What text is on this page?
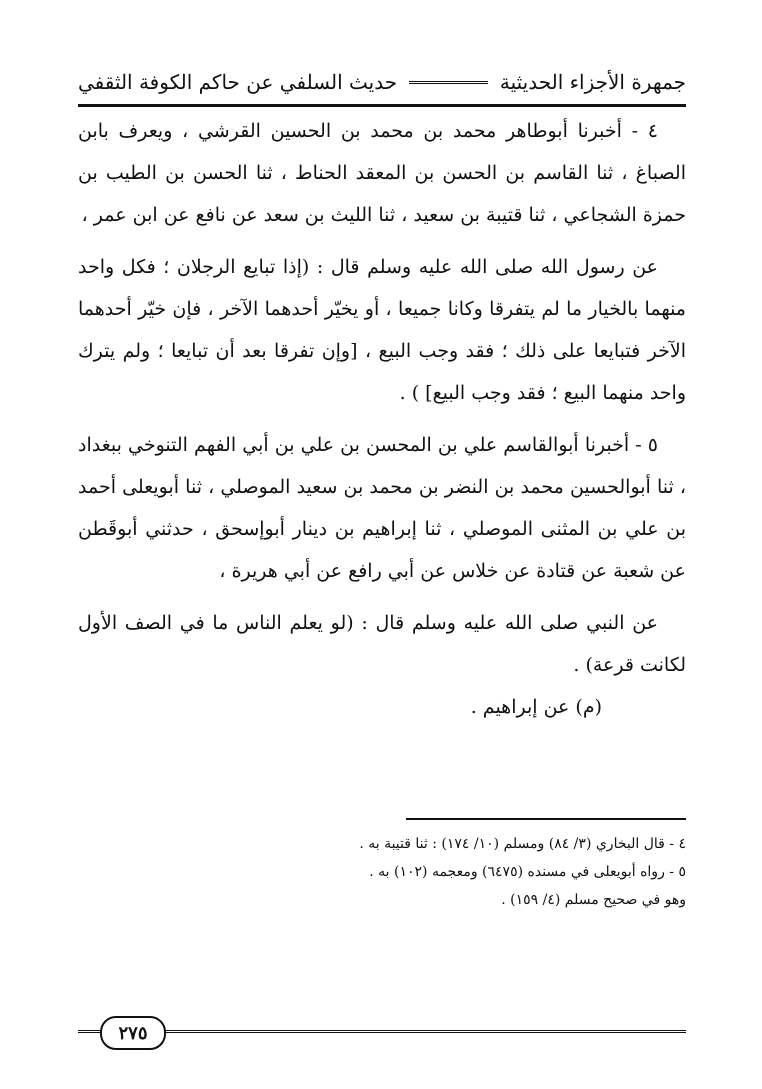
جمهرة الأجزاء الحديثية
حديث السلفي عن حاكم الكوفة الثقفي

٤ - أخبرنا أبوطاهر محمد بن محمد بن الحسين القرشي ، ويعرف بابن الصباغ ، ثنا القاسم بن الحسن بن المعقد الحناط ، ثنا الحسن بن الطيب بن حمزة الشجاعي ، ثنا قتيبة بن سعيد ، ثنا الليث بن سعد عن نافع عن ابن عمر ،

عن رسول الله صلى الله عليه وسلم قال : (إذا تبايع الرجلان ؛ فكل واحد منهما بالخيار ما لم يتفرقا وكانا جميعا ، أو يخيّر أحدهما الآخر ، فإن خيّر أحدهما الآخر فتبايعا على ذلك ؛ فقد وجب البيع ، [وإن تفرقا بعد أن تبايعا ؛ ولم يترك واحد منهما البيع ؛ فقد وجب البيع] ) .

٥ - أخبرنا أبوالقاسم علي بن المحسن بن علي بن أبي الفهم التنوخي ببغداد ، ثنا أبوالحسين محمد بن النضر بن محمد بن سعيد الموصلي ، ثنا أبويعلى أحمد بن علي بن المثنى الموصلي ، ثنا إبراهيم بن دينار أبوإسحق ، حدثني أبوقَطن عن شعبة عن قتادة عن خلاس عن أبي رافع عن أبي هريرة ،

عن النبي صلى الله عليه وسلم قال : (لو يعلم الناس ما في الصف الأول لكانت قرعة) .

(م) عن إبراهيم .

٤ - قال البخاري (٣/ ٨٤) ومسلم (١٠/ ١٧٤) : ثنا قتيبة به .
٥ - رواه أبويعلى في مسنده (٦٤٧٥) ومعجمه (١٠٢) به .
وهو في صحيح مسلم (٤/ ١٥٩) .
٢٧٥
